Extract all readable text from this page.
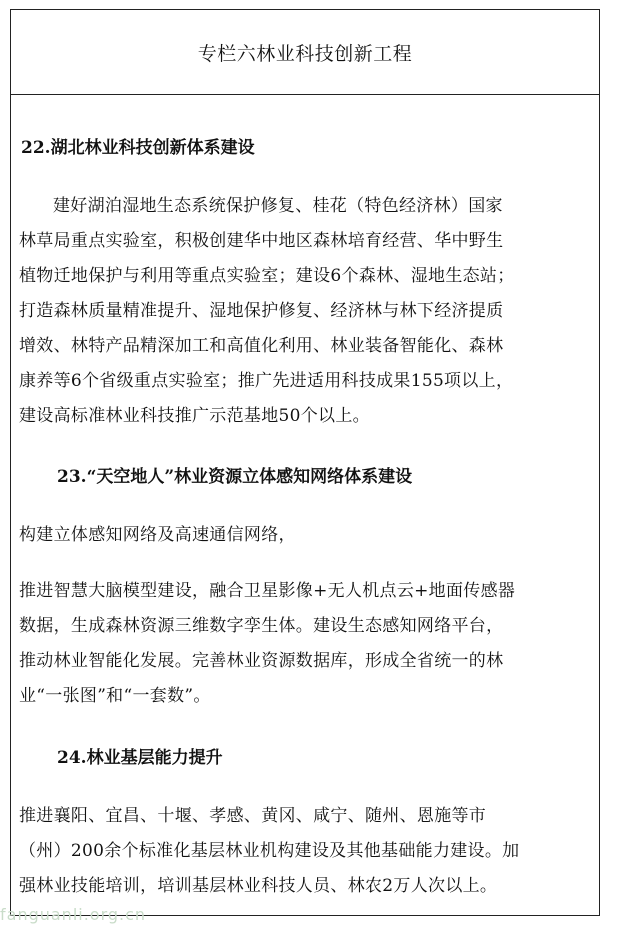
专栏六林业科技创新工程
22.湖北林业科技创新体系建设
建好湖泊湿地生态系统保护修复、桂花（特色经济林）国家
林草局重点实验室，积极创建华中地区森林培育经营、华中野生
植物迁地保护与利用等重点实验室；建设6个森林、湿地生态站；
打造森林质量精准提升、湿地保护修复、经济林与林下经济提质
增效、林特产品精深加工和高值化利用、林业装备智能化、森林
康养等6个省级重点实验室；推广先进适用科技成果155项以上，
建设高标准林业科技推广示范基地50个以上。
23.“天空地人”林业资源立体感知网络体系建设
构建立体感知网络及高速通信网络，
推进智慧大脑模型建设，融合卫星影像+无人机点云+地面传感器
数据，生成森林资源三维数字孪生体。建设生态感知网络平台，
推动林业智能化发展。完善林业资源数据库，形成全省统一的林
业“一张图”和“一套数”。
24.林业基层能力提升
推进襄阳、宜昌、十堰、孝感、黄冈、咸宁、随州、恩施等市
（州）200余个标准化基层林业机构建设及其他基础能力建设。加
强林业技能培训，培训基层林业科技人员、林农2万人次以上。
fanguanli.org.cn
